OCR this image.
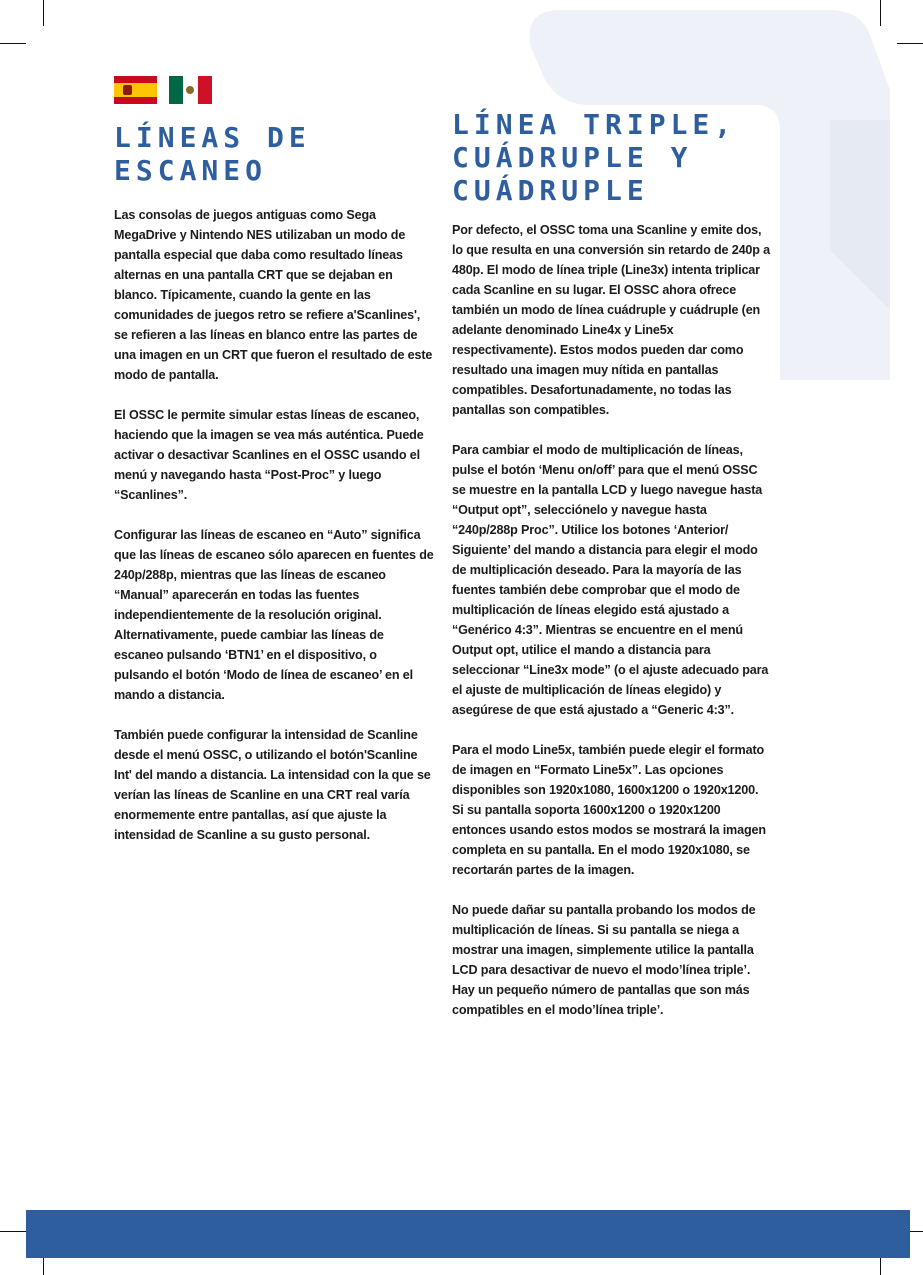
LÍNEAS DE
ESCANEO
LÍNEA TRIPLE,
CUÁDRUPLE Y
CUÁDRUPLE

Las consolas de juegos antiguas como Sega MegaDrive y Nintendo NES utilizaban un modo de pantalla especial que daba como resultado líneas alternas en una pantalla CRT que se dejaban en blanco. Típicamente, cuando la gente en las comunidades de juegos retro se refiere a'Scanlines', se refieren a las líneas en blanco entre las partes de una imagen en un CRT que fueron el resultado de este modo de pantalla.

El OSSC le permite simular estas líneas de escaneo, haciendo que la imagen se vea más auténtica. Puede activar o desactivar Scanlines en el OSSC usando el menú y navegando hasta “Post-Proc” y luego “Scanlines”.

Configurar las líneas de escaneo en “Auto” significa que las líneas de escaneo sólo aparecen en fuentes de 240p/288p, mientras que las líneas de escaneo “Manual” aparecerán en todas las fuentes independientemente de la resolución original. Alternativamente, puede cambiar las líneas de escaneo pulsando ‘BTN1’ en el dispositivo, o pulsando el botón ‘Modo de línea de escaneo’ en el mando a distancia.

También puede configurar la intensidad de Scanline desde el menú OSSC, o utilizando el botón'Scanline Int' del mando a distancia. La intensidad con la que se verían las líneas de Scanline en una CRT real varía enormemente entre pantallas, así que ajuste la intensidad de Scanline a su gusto personal.

Por defecto, el OSSC toma una Scanline y emite dos, lo que resulta en una conversión sin retardo de 240p a 480p. El modo de línea triple (Line3x) intenta triplicar cada Scanline en su lugar. El OSSC ahora ofrece también un modo de línea cuádruple y cuádruple (en adelante denominado Line4x y Line5x respectivamente). Estos modos pueden dar como resultado una imagen muy nítida en pantallas compatibles. Desafortunadamente, no todas las pantallas son compatibles.

Para cambiar el modo de multiplicación de líneas, pulse el botón ‘Menu on/off’ para que el menú OSSC se muestre en la pantalla LCD y luego navegue hasta “Output opt”, selecciónelo y navegue hasta “240p/288p Proc”. Utilice los botones ‘Anterior/ Siguiente’ del mando a distancia para elegir el modo de multiplicación deseado. Para la mayoría de las fuentes también debe comprobar que el modo de multiplicación de líneas elegido está ajustado a “Genérico 4:3”. Mientras se encuentre en el menú Output opt, utilice el mando a distancia para seleccionar “Line3x mode” (o el ajuste adecuado para el ajuste de multiplicación de líneas elegido) y asegúrese de que está ajustado a “Generic 4:3”.

Para el modo Line5x, también puede elegir el formato de imagen en “Formato Line5x”. Las opciones disponibles son 1920x1080, 1600x1200 o 1920x1200. Si su pantalla soporta 1600x1200 o 1920x1200 entonces usando estos modos se mostrará la imagen completa en su pantalla. En el modo 1920x1080, se recortarán partes de la imagen.

No puede dañar su pantalla probando los modos de multiplicación de líneas. Si su pantalla se niega a mostrar una imagen, simplemente utilice la pantalla LCD para desactivar de nuevo el modo’línea triple’. Hay un pequeño número de pantallas que son más compatibles en el modo’línea triple’.
